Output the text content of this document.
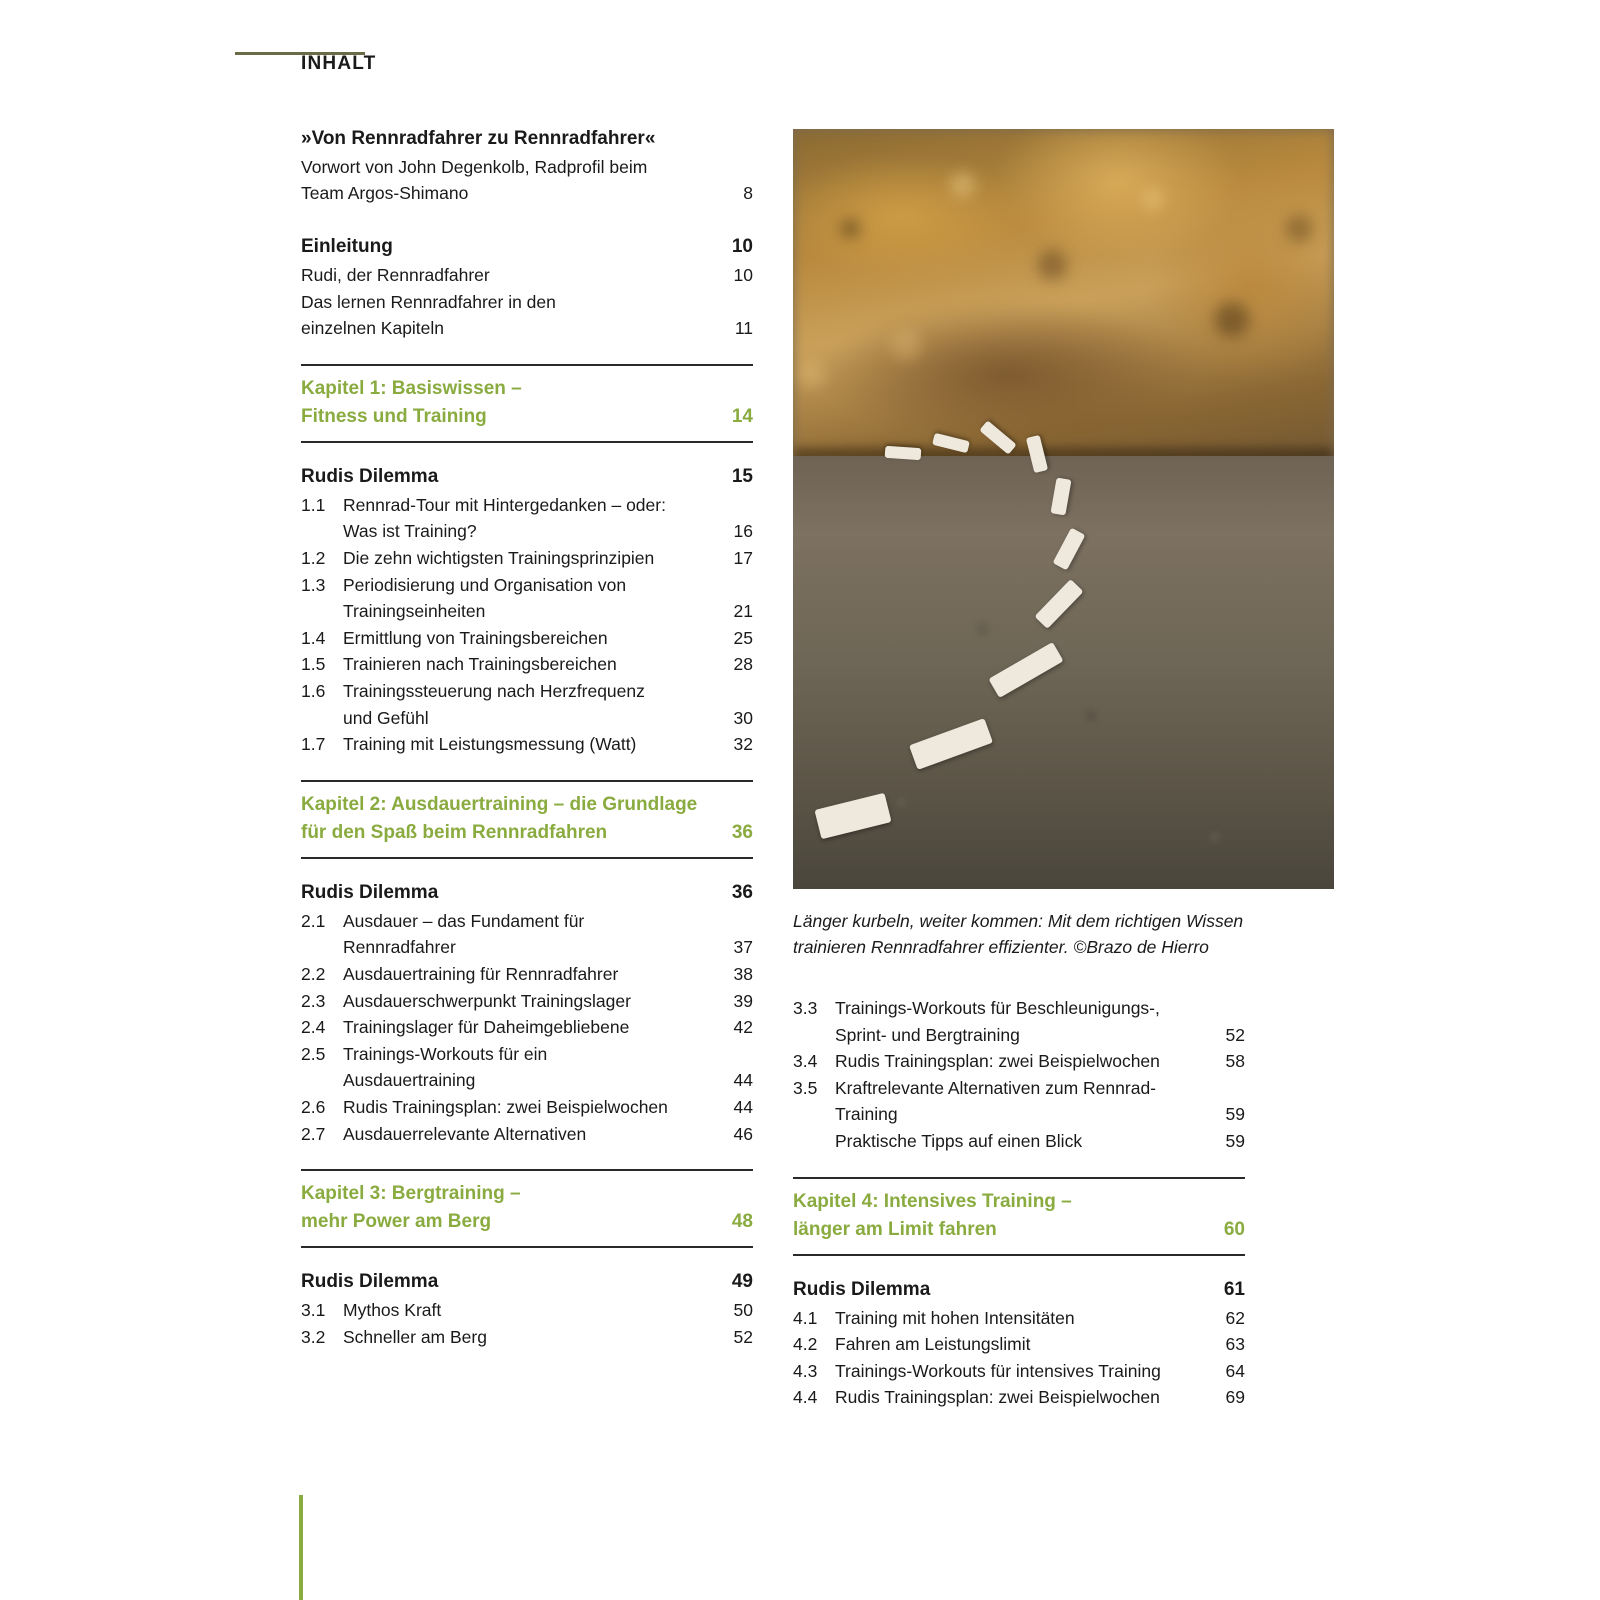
INHALT
Länger kurbeln, weiter kommen: Mit dem richtigen Wissen trainieren Rennradfahrer effizienter. ©Brazo de Hierro
»Von Rennradfahrer zu Rennradfahrer«
Vorwort von John Degenkolb, Radprofil beim
Team Argos-Shimano	8
Einleitung	10
Rudi, der Rennradfahrer	10
Das lernen Rennradfahrer in den
einzelnen Kapiteln	11
Kapitel 1: Basiswissen –
Fitness und Training	14
Rudis Dilemma	15
1.1	Rennrad-Tour mit Hintergedanken – oder:
Was ist Training?	16
1.2	Die zehn wichtigsten Trainingsprinzipien	17
1.3	Periodisierung und Organisation von
Trainingseinheiten	21
1.4	Ermittlung von Trainingsbereichen	25
1.5	Trainieren nach Trainingsbereichen	28
1.6	Trainingssteuerung nach Herzfrequenz
und Gefühl	30
1.7	Training mit Leistungsmessung (Watt)	32
Kapitel 2: Ausdauertraining – die Grundlage
für den Spaß beim Rennradfahren	36
Rudis Dilemma	36
2.1	Ausdauer – das Fundament für
Rennradfahrer	37
2.2	Ausdauertraining für Rennradfahrer	38
2.3	Ausdauerschwerpunkt Trainingslager	39
2.4	Trainingslager für Daheimgebliebene	42
2.5	Trainings-Workouts für ein
Ausdauertraining	44
2.6	Rudis Trainingsplan: zwei Beispielwochen	44
2.7	Ausdauerrelevante Alternativen	46
Kapitel 3: Bergtraining –
mehr Power am Berg	48
Rudis Dilemma	49
3.1	Mythos Kraft	50
3.2	Schneller am Berg	52
3.3	Trainings-Workouts für Beschleunigungs-,
Sprint- und Bergtraining	52
3.4	Rudis Trainingsplan: zwei Beispielwochen	58
3.5	Kraftrelevante Alternativen zum Rennrad-
Training	59
Praktische Tipps auf einen Blick	59
Kapitel 4: Intensives Training –
länger am Limit fahren	60
Rudis Dilemma	61
4.1	Training mit hohen Intensitäten	62
4.2	Fahren am Leistungslimit	63
4.3	Trainings-Workouts für intensives Training	64
4.4	Rudis Trainingsplan: zwei Beispielwochen	69
